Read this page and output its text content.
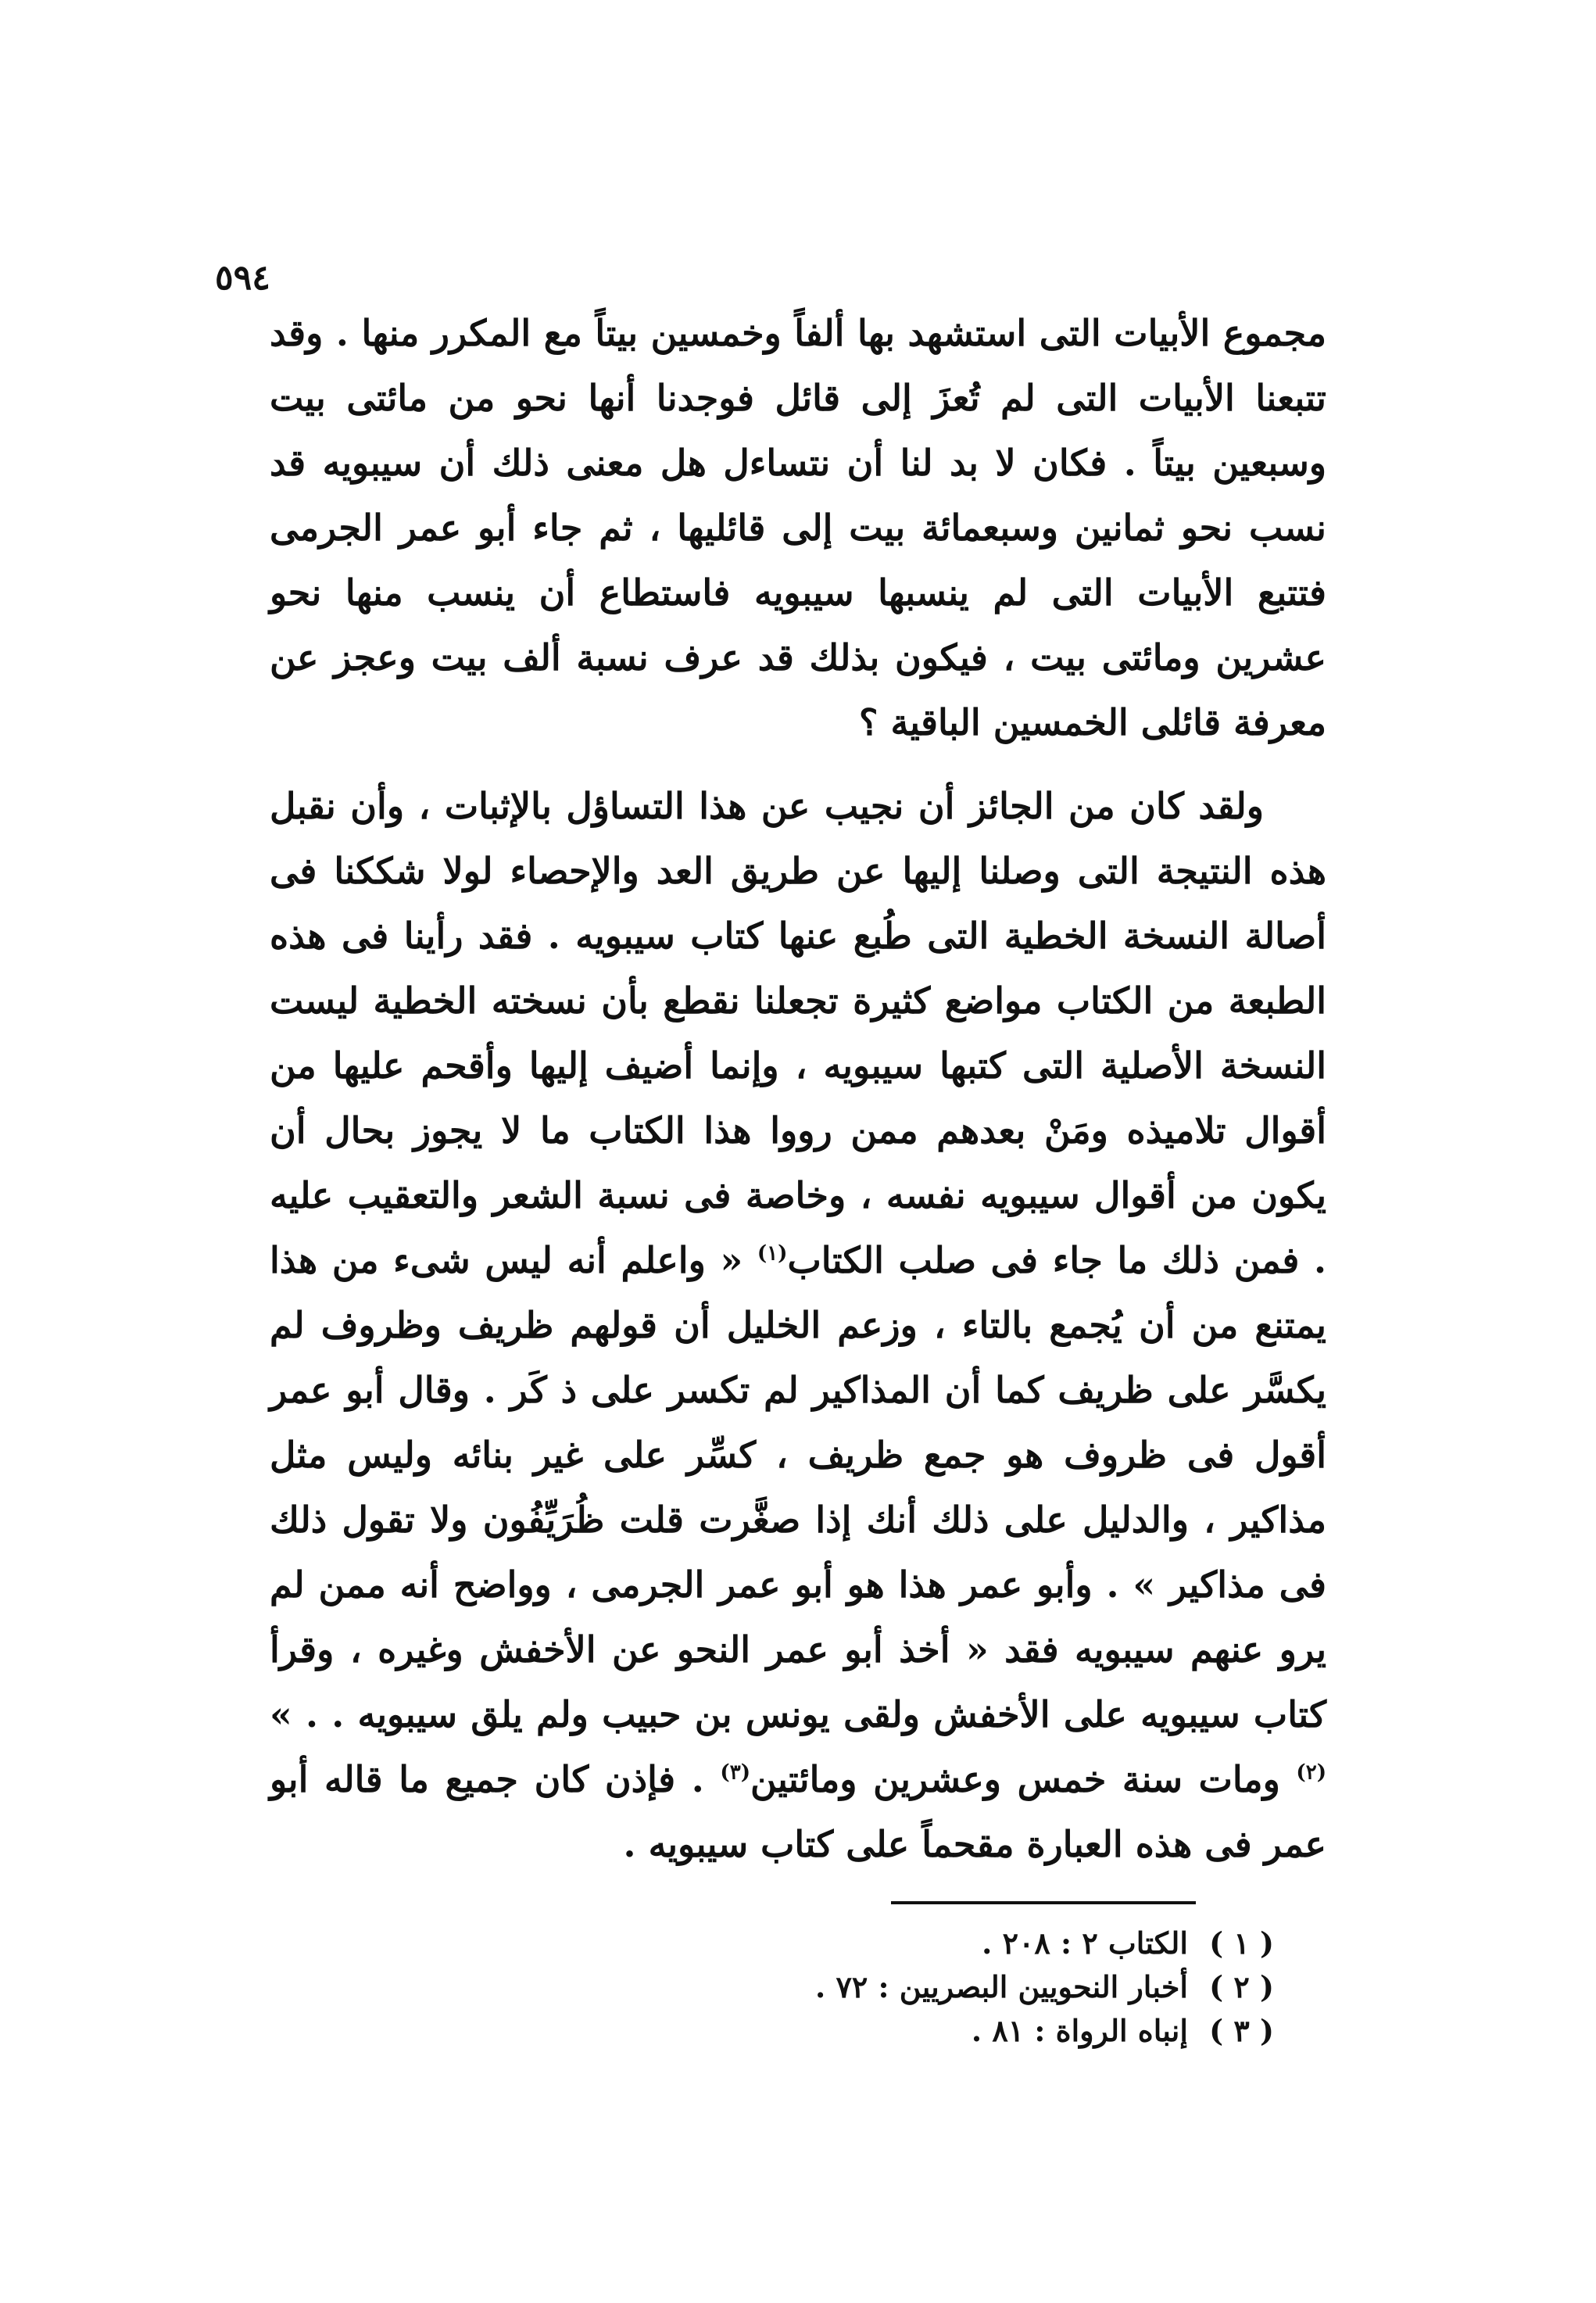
٥٩٤

مجموع الأبيات التى استشهد بها ألفاً وخمسين بيتاً مع المكرر منها . وقد تتبعنا الأبيات التى لم تُعزَ إلى قائل فوجدنا أنها نحو من مائتى بيت وسبعين بيتاً . فكان لا بد لنا أن نتساءل هل معنى ذلك أن سيبويه قد نسب نحو ثمانين وسبعمائة بيت إلى قائليها ، ثم جاء أبو عمر الجرمى فتتبع الأبيات التى لم ينسبها سيبويه فاستطاع أن ينسب منها نحو عشرين ومائتى بيت ، فيكون بذلك قد عرف نسبة ألف بيت وعجز عن معرفة قائلى الخمسين الباقية ؟

ولقد كان من الجائز أن نجيب عن هذا التساؤل بالإثبات ، وأن نقبل هذه النتيجة التى وصلنا إليها عن طريق العد والإحصاء لولا شككنا فى أصالة النسخة الخطية التى طُبع عنها كتاب سيبويه . فقد رأينا فى هذه الطبعة من الكتاب مواضع كثيرة تجعلنا نقطع بأن نسخته الخطية ليست النسخة الأصلية التى كتبها سيبويه ، وإنما أضيف إليها وأقحم عليها من أقوال تلاميذه ومَنْ بعدهم ممن رووا هذا الكتاب ما لا يجوز بحال أن يكون من أقوال سيبويه نفسه ، وخاصة فى نسبة الشعر والتعقيب عليه . فمن ذلك ما جاء فى صلب الكتاب$^{(١)}$ « واعلم أنه ليس شىء من هذا يمتنع من أن يُجمع بالتاء ، وزعم الخليل أن قولهم ظريف وظروف لم يكسَّر على ظريف كما أن المذاكير لم تكسر على ذ كَر . وقال أبو عمر أقول فى ظروف هو جمع ظريف ، كسِّر على غير بنائه وليس مثل مذاكير ، والدليل على ذلك أنك إذا صغَّرت قلت ظُرَيِّفُون ولا تقول ذلك فى مذاكير » . وأبو عمر هذا هو أبو عمر الجرمى ، وواضح أنه ممن لم يرو عنهم سيبويه فقد « أخذ أبو عمر النحو عن الأخفش وغيره ، وقرأ كتاب سيبويه على الأخفش ولقى يونس بن حبيب ولم يلق سيبويه . . » $^{(٢)}$ ومات سنة خمس وعشرين ومائتين$^{(٣)}$ . فإذن كان جميع ما قاله أبو عمر فى هذه العبارة مقحماً على كتاب سيبويه .

( ١ ) الكتاب ٢ : ٢٠٨ .
( ٢ ) أخبار النحويين البصريين : ٧٢ .
( ٣ ) إنباه الرواة : ٨١ .
